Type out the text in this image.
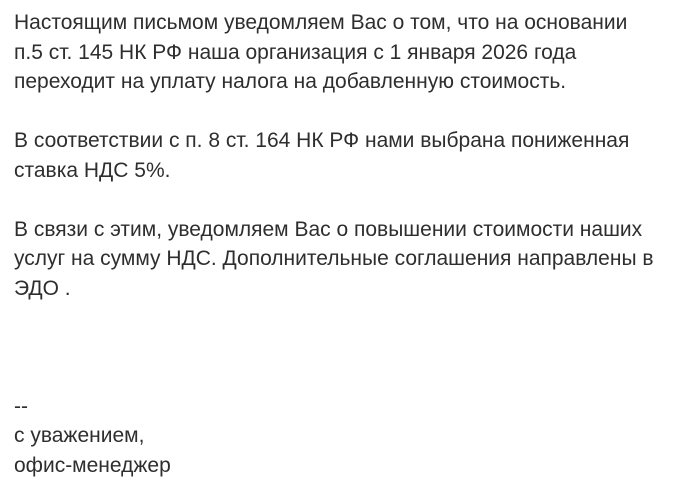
Настоящим письмом уведомляем Вас о том, что на основании
п.5 ст. 145 НК РФ наша организация с 1 января 2026 года
переходит на уплату налога на добавленную стоимость.
В соответствии с п. 8 ст. 164 НК РФ нами выбрана пониженная
ставка НДС 5%.
В связи с этим, уведомляем Вас о повышении стоимости наших
услуг на сумму НДС. Дополнительные соглашения направлены в
ЭДО .
--
с уважением,
офис-менеджер
